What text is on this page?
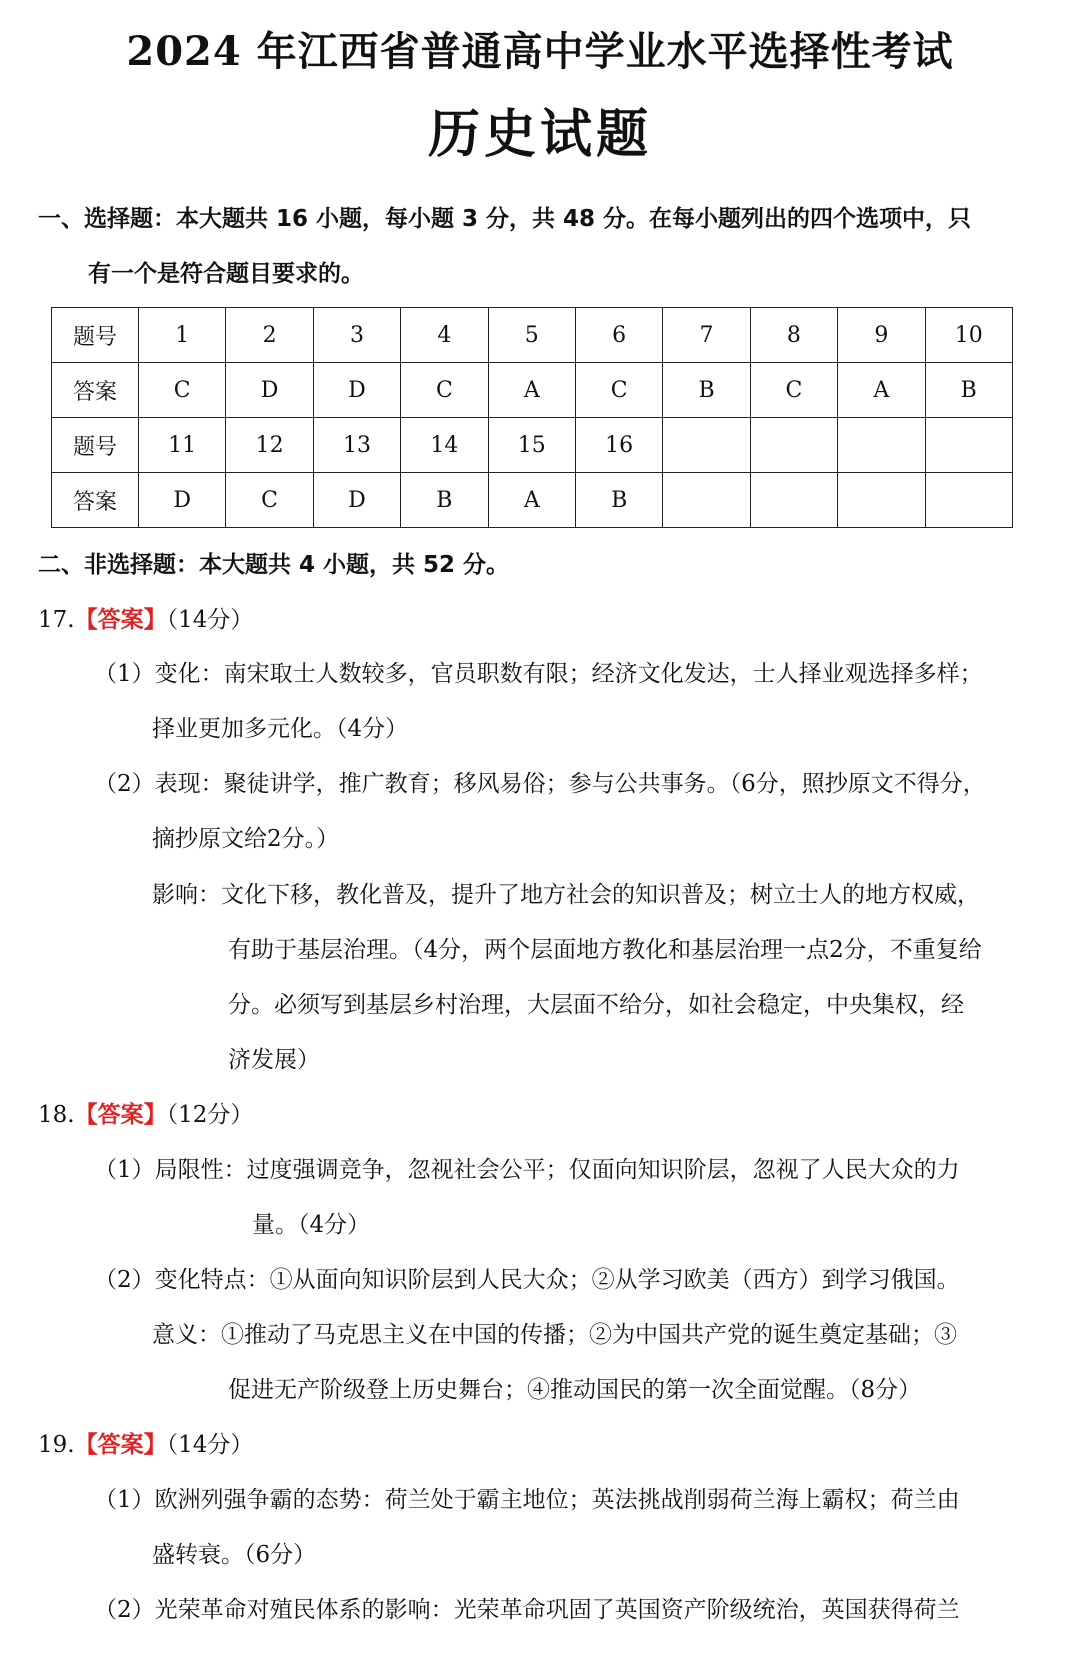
2024 年江西省普通高中学业水平选择性考试
历史试题
一、选择题：本大题共 16 小题，每小题 3 分，共 48 分。在每小题列出的四个选项中，只
有一个是符合题目要求的。
题号	1	2	3	4	5	6	7	8	9	10
答案	C	D	D	C	A	C	B	C	A	B
题号	11	12	13	14	15	16				
答案	D	C	D	B	A	B				
二、非选择题：本大题共 4 小题，共 52 分。
17.【答案】（14分）
（1）变化：南宋取士人数较多，官员职数有限；经济文化发达，士人择业观选择多样；
择业更加多元化。（4分）
（2）表现：聚徒讲学，推广教育；移风易俗；参与公共事务。（6分，照抄原文不得分，
摘抄原文给2分。）
影响：文化下移，教化普及，提升了地方社会的知识普及；树立士人的地方权威，
有助于基层治理。（4分，两个层面地方教化和基层治理一点2分，不重复给
分。必须写到基层乡村治理，大层面不给分，如社会稳定，中央集权，经
济发展）
18.【答案】（12分）
（1）局限性：过度强调竞争，忽视社会公平；仅面向知识阶层，忽视了人民大众的力
量。（4分）
（2）变化特点：①从面向知识阶层到人民大众；②从学习欧美（西方）到学习俄国。
意义：①推动了马克思主义在中国的传播；②为中国共产党的诞生奠定基础；③
促进无产阶级登上历史舞台；④推动国民的第一次全面觉醒。（8分）
19.【答案】（14分）
（1）欧洲列强争霸的态势：荷兰处于霸主地位；英法挑战削弱荷兰海上霸权；荷兰由
盛转衰。（6分）
（2）光荣革命对殖民体系的影响：光荣革命巩固了英国资产阶级统治，英国获得荷兰
